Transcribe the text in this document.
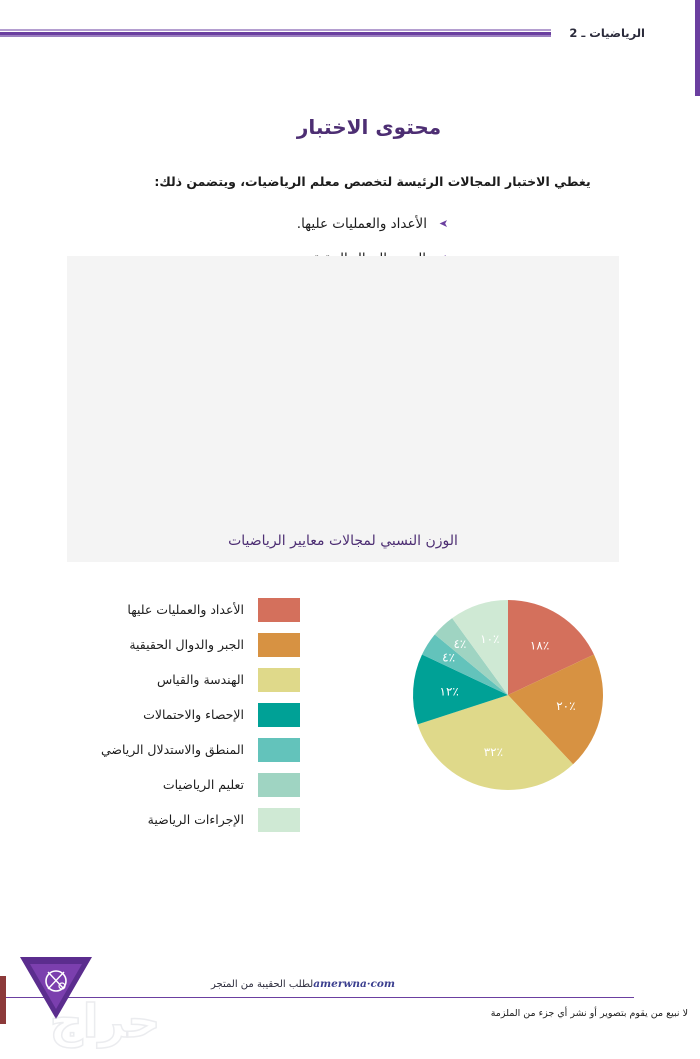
الرياضيات ـ 2
محتوى الاختبار
يغطي الاختبار المجالات الرئيسة لتخصص معلم الرياضيات، ويتضمن ذلك:
➤
الأعداد والعمليات عليها.
الوزن النسبي لمجالات معايير الرياضيات
الأعداد والعمليات عليها
الجبر والدوال الحقيقية
الهندسة والقياس
الإحصاء والاحتمالات
المنطق والاستدلال الرياضي
تعليم الرياضيات
الإجراءات الرياضية
٪١٨
٪٢٠
٪٣٢
٪١٢
٪٤
٪٤ ٪١٠
amerwna·com
لطلب الحقيبة من المتجر
لا نبيع من يقوم بتصوير أو نشر أي جزء من الملزمة
حراج
